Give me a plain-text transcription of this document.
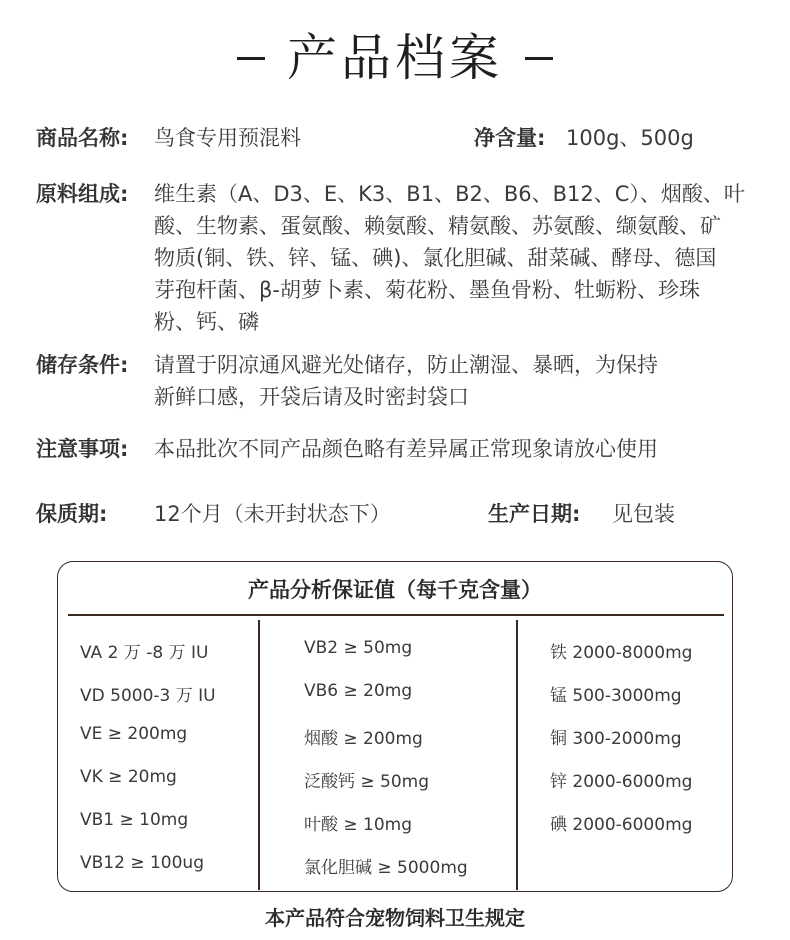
产品档案
商品名称: 鸟食专用预混料	净含量: 100g、500g
原料组成: 维生素（A、D3、E、K3、B1、B2、B6、B12、C）、烟酸、叶
酸、生物素、蛋氨酸、赖氨酸、精氨酸、苏氨酸、缬氨酸、矿
物质(铜、铁、锌、锰、碘)、氯化胆碱、甜菜碱、酵母、德国
芽孢杆菌、β-胡萝卜素、菊花粉、墨鱼骨粉、牡蛎粉、珍珠
粉、钙、磷
储存条件: 请置于阴凉通风避光处储存，防止潮湿、暴晒，为保持
新鲜口感，开袋后请及时密封袋口
注意事项: 本品批次不同产品颜色略有差异属正常现象请放心使用
保质期: 12个月（未开封状态下）	生产日期: 见包装
产品分析保证值（每千克含量）
VA 2 万 -8 万 IU
VD 5000-3 万 IU
VE ≥ 200mg
VK ≥ 20mg
VB1 ≥ 10mg
VB12 ≥ 100ug
VB2 ≥ 50mg
VB6 ≥ 20mg
烟酸 ≥ 200mg
泛酸钙 ≥ 50mg
叶酸 ≥ 10mg
氯化胆碱 ≥ 5000mg
铁 2000-8000mg
锰 500-3000mg
铜 300-2000mg
锌 2000-6000mg
碘 2000-6000mg
本产品符合宠物饲料卫生规定
